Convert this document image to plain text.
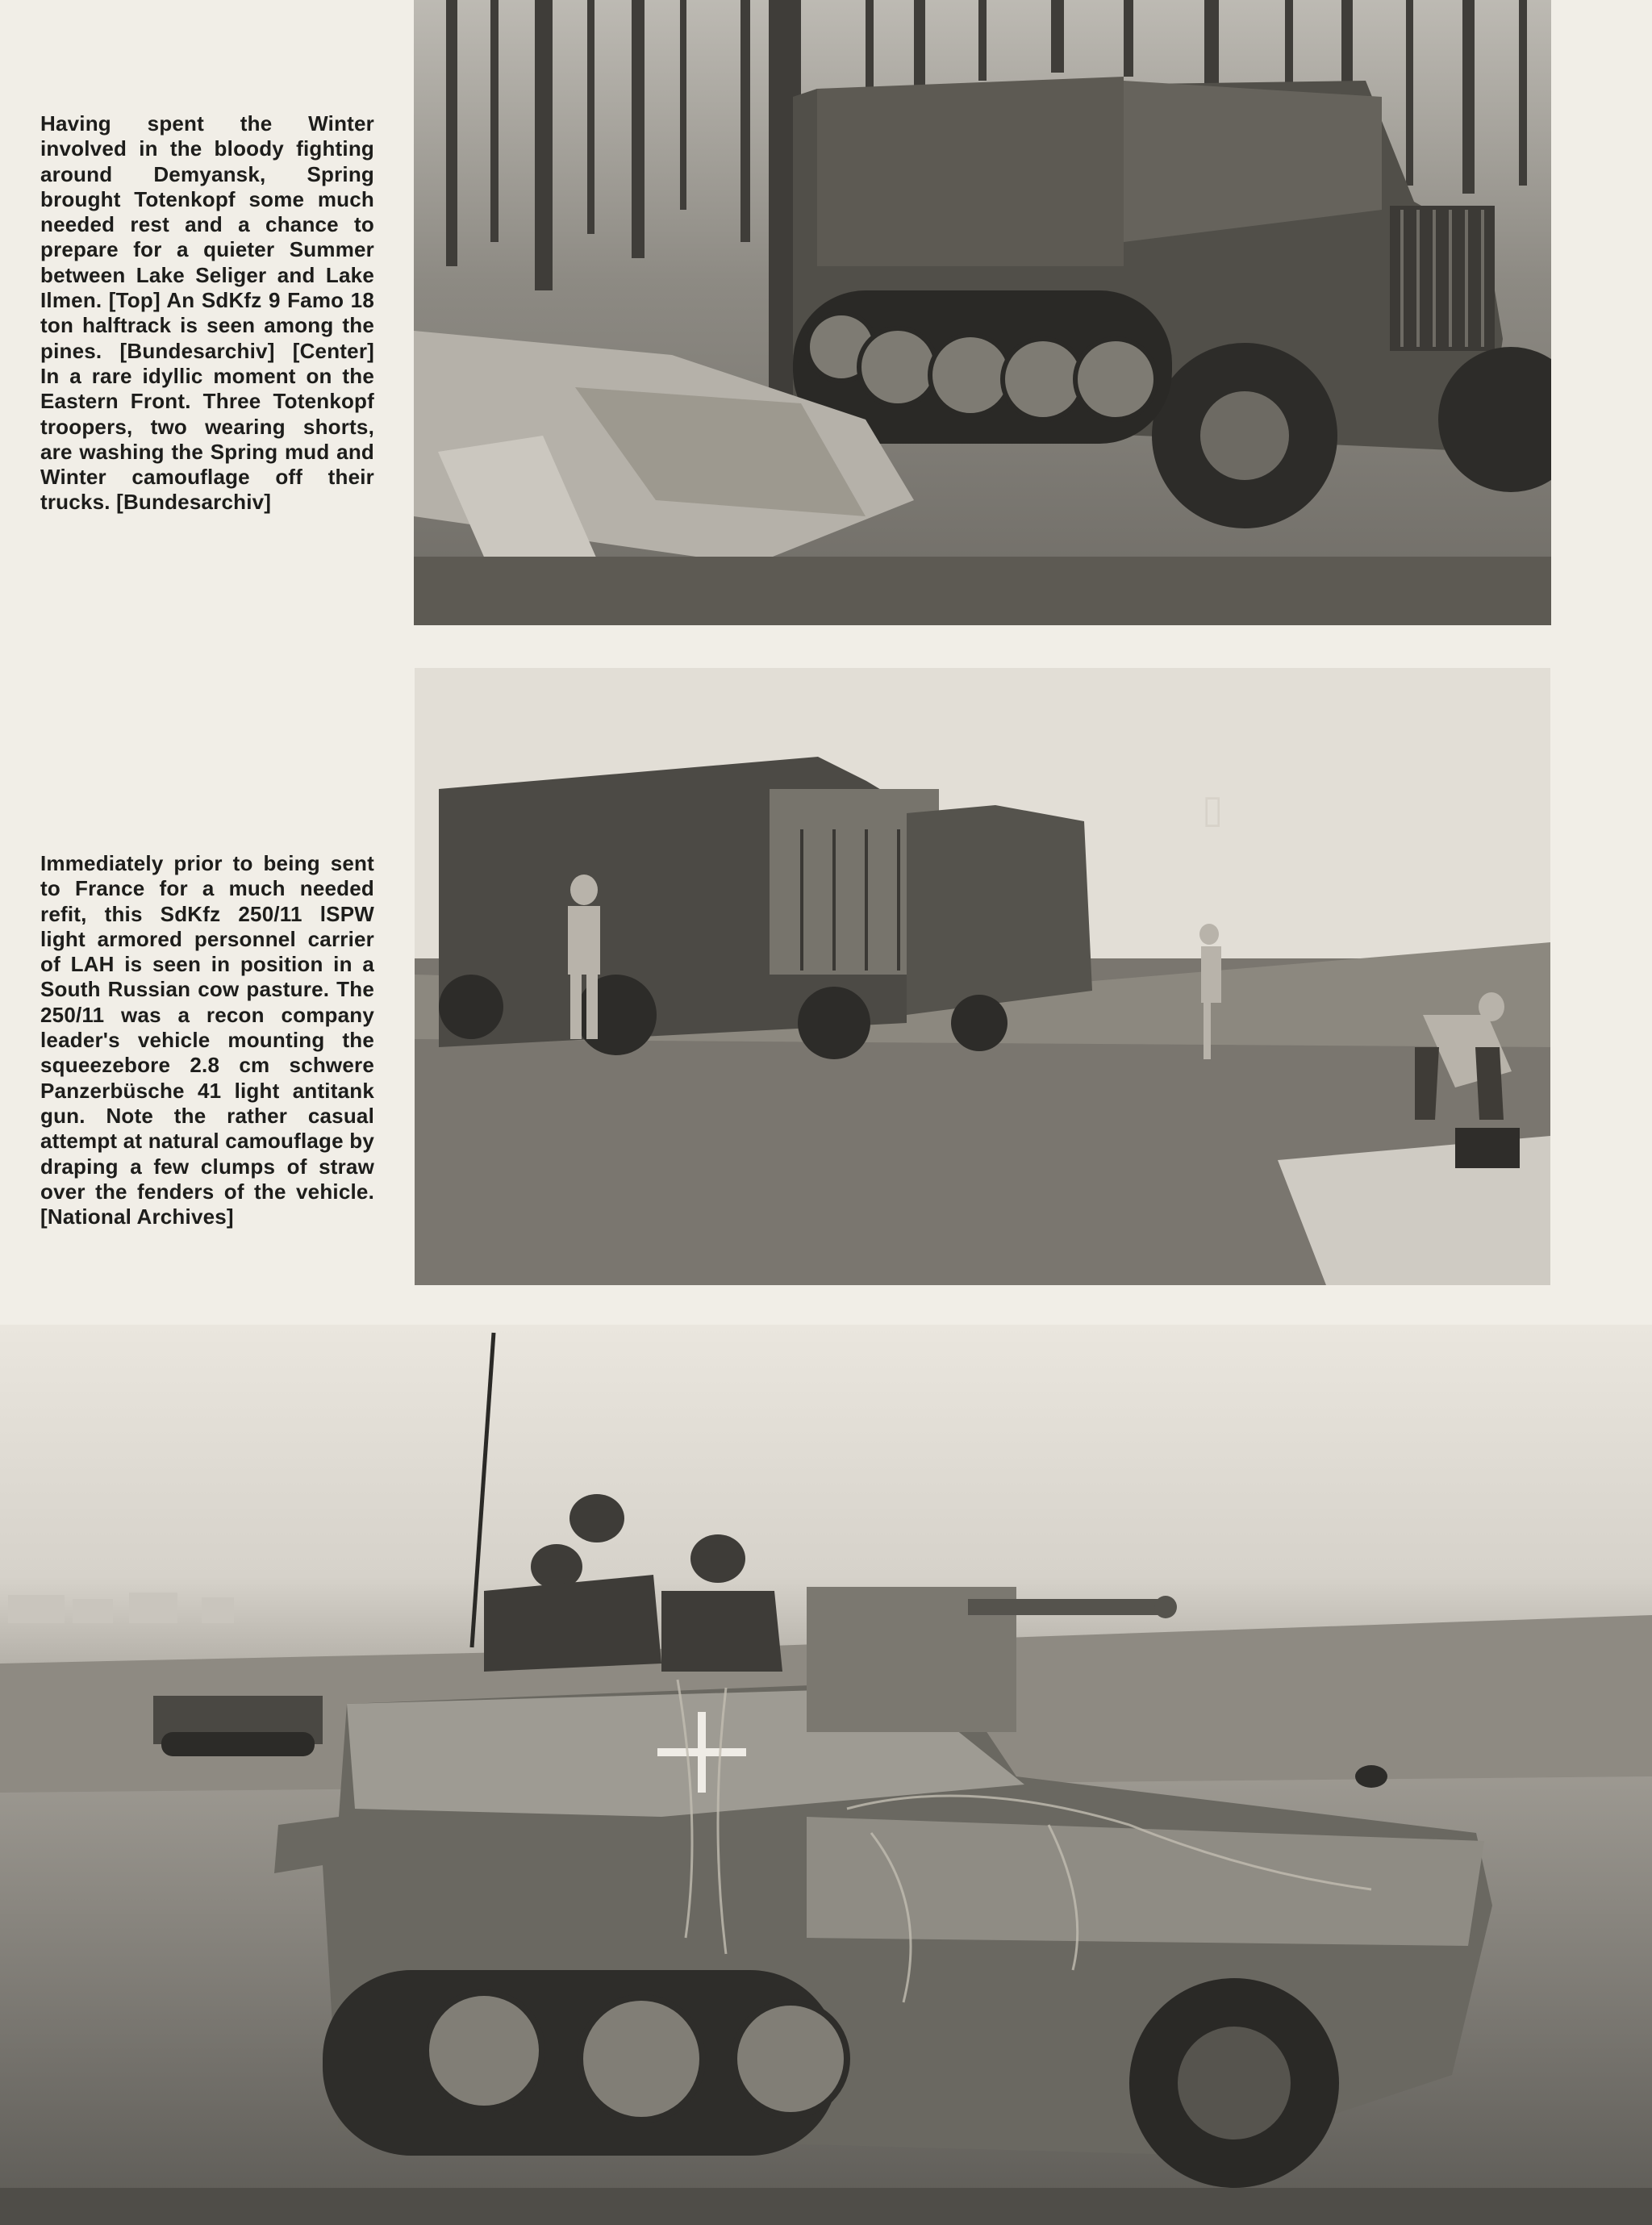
Having spent the Winter involved in the bloody fighting around Demyansk, Spring brought Totenkopf some much needed rest and a chance to prepare for a quieter Summer between Lake Seliger and Lake Ilmen. [Top] An SdKfz 9 Famo 18 ton halftrack is seen among the pines. [Bundesarchiv] [Center] In a rare idyllic moment on the Eastern Front. Three Totenkopf troopers, two wearing shorts, are washing the Spring mud and Winter camouflage off their trucks. [Bundesarchiv]

Immediately prior to being sent to France for a much needed refit, this SdKfz 250/11 lSPW light armored personnel carrier of LAH is seen in position in a South Russian cow pasture. The 250/11 was a recon company leader's vehicle mounting the squeezebore 2.8 cm schwere Panzerbüsche 41 light antitank gun. Note the rather casual attempt at natural camouflage by draping a few clumps of straw over the fenders of the vehicle. [National Archives]

▯
